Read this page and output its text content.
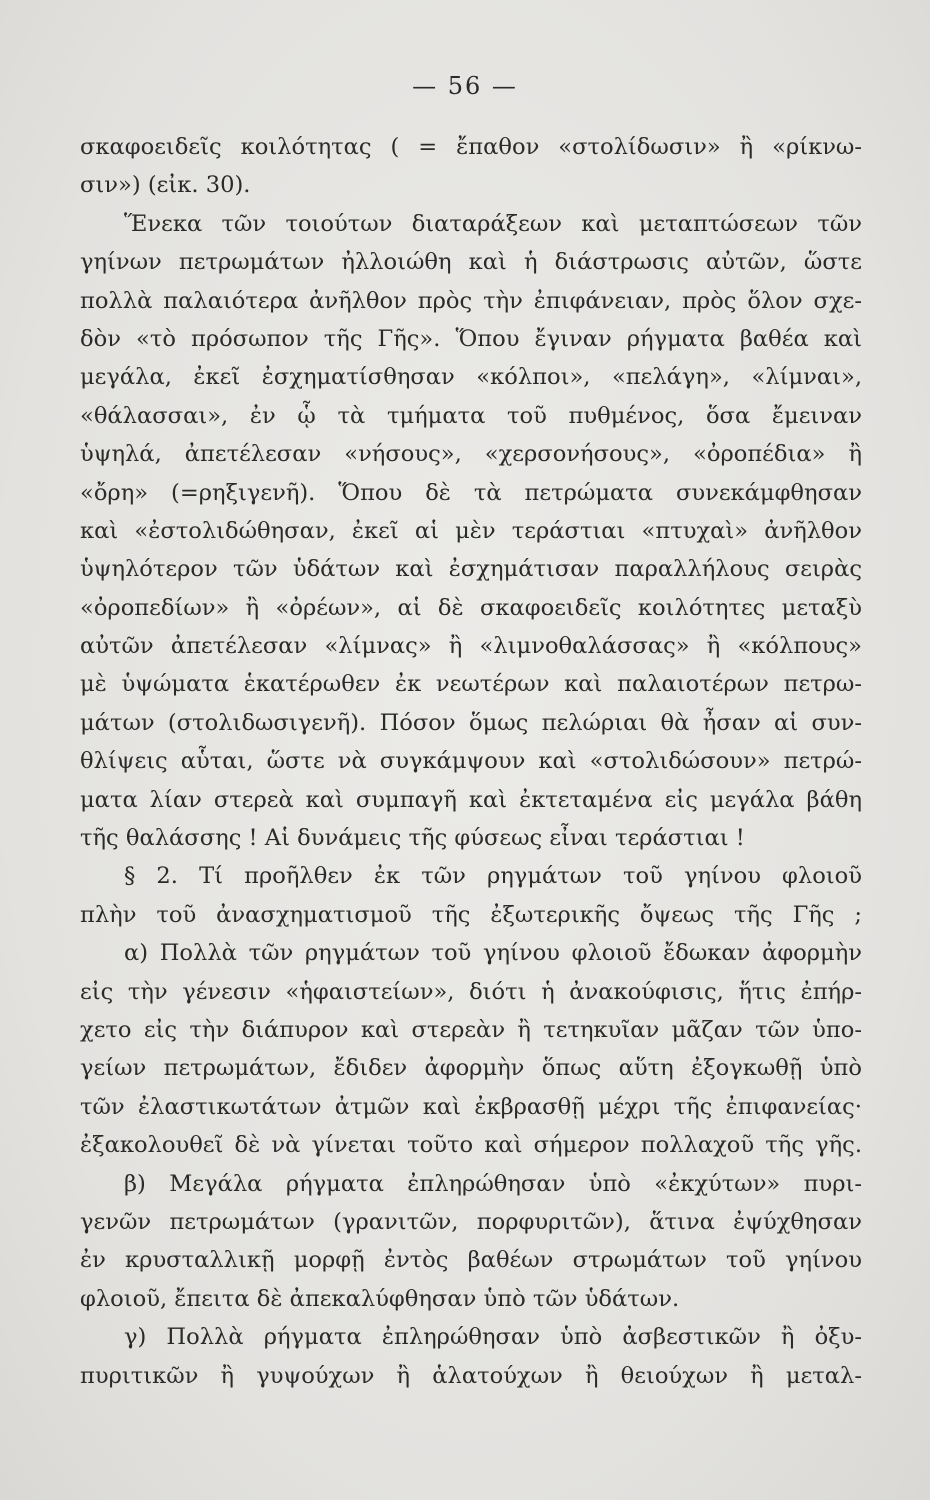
— 56 —
σκαφοειδεῖς κοιλότητας ( = ἔπαθον «στολίδωσιν» ἢ «ρίκνω-
σιν») (εἰκ. 30).
Ἕνεκα τῶν τοιούτων διαταράξεων καὶ μεταπτώσεων τῶν
γηίνων πετρωμάτων ἠλλοιώθη καὶ ἡ διάστρωσις αὐτῶν, ὥστε
πολλὰ παλαιότερα ἀνῆλθον πρὸς τὴν ἐπιφάνειαν, πρὸς ὅλον σχε-
δὸν «τὸ πρόσωπον τῆς Γῆς». Ὅπου ἔγιναν ρήγματα βαθέα καὶ
μεγάλα, ἐκεῖ ἐσχηματίσθησαν «κόλποι», «πελάγη», «λίμναι»,
«θάλασσαι», ἐν ᾧ τὰ τμήματα τοῦ πυθμένος, ὅσα ἔμειναν
ὑψηλά, ἀπετέλεσαν «νήσους», «χερσονήσους», «ὀροπέδια» ἢ
«ὄρη» (=ρηξιγενῆ). Ὅπου δὲ τὰ πετρώματα συνεκάμφθησαν
καὶ «ἐστολιδώθησαν, ἐκεῖ αἱ μὲν τεράστιαι «πτυχαὶ» ἀνῆλθον
ὑψηλότερον τῶν ὑδάτων καὶ ἐσχημάτισαν παραλλήλους σειρὰς
«ὀροπεδίων» ἢ «ὀρέων», αἱ δὲ σκαφοειδεῖς κοιλότητες μεταξὺ
αὐτῶν ἀπετέλεσαν «λίμνας» ἢ «λιμνοθαλάσσας» ἢ «κόλπους»
μὲ ὑψώματα ἑκατέρωθεν ἐκ νεωτέρων καὶ παλαιοτέρων πετρω-
μάτων (στολιδωσιγενῆ). Πόσον ὅμως πελώριαι θὰ ἦσαν αἱ συν-
θλίψεις αὗται, ὥστε νὰ συγκάμψουν καὶ «στολιδώσουν» πετρώ-
ματα λίαν στερεὰ καὶ συμπαγῆ καὶ ἐκτεταμένα εἰς μεγάλα βάθη
τῆς θαλάσσης ! Αἱ δυνάμεις τῆς φύσεως εἶναι τεράστιαι !
§ 2. Τί προῆλθεν ἐκ τῶν ρηγμάτων τοῦ γηίνου φλοιοῦ
πλὴν τοῦ ἀνασχηματισμοῦ τῆς ἐξωτερικῆς ὄψεως τῆς Γῆς ;
α) Πολλὰ τῶν ρηγμάτων τοῦ γηίνου φλοιοῦ ἔδωκαν ἀφορμὴν
εἰς τὴν γένεσιν «ἡφαιστείων», διότι ἡ ἀνακούφισις, ἥτις ἐπήρ-
χετο εἰς τὴν διάπυρον καὶ στερεὰν ἢ τετηκυῖαν μᾶζαν τῶν ὑπο-
γείων πετρωμάτων, ἔδιδεν ἀφορμὴν ὅπως αὕτη ἐξογκωθῇ ὑπὸ
τῶν ἐλαστικωτάτων ἀτμῶν καὶ ἐκβρασθῇ μέχρι τῆς ἐπιφανείας·
ἐξακολουθεῖ δὲ νὰ γίνεται τοῦτο καὶ σήμερον πολλαχοῦ τῆς γῆς.
β) Μεγάλα ρήγματα ἐπληρώθησαν ὑπὸ «ἐκχύτων» πυρι-
γενῶν πετρωμάτων (γρανιτῶν, πορφυριτῶν), ἅτινα ἐψύχθησαν
ἐν κρυσταλλικῇ μορφῇ ἐντὸς βαθέων στρωμάτων τοῦ γηίνου
φλοιοῦ, ἔπειτα δὲ ἀπεκαλύφθησαν ὑπὸ τῶν ὑδάτων.
γ) Πολλὰ ρήγματα ἐπληρώθησαν ὑπὸ ἀσβεστικῶν ἢ ὀξυ-
πυριτικῶν ἢ γυψούχων ἢ ἁλατούχων ἢ θειούχων ἢ μεταλ-
